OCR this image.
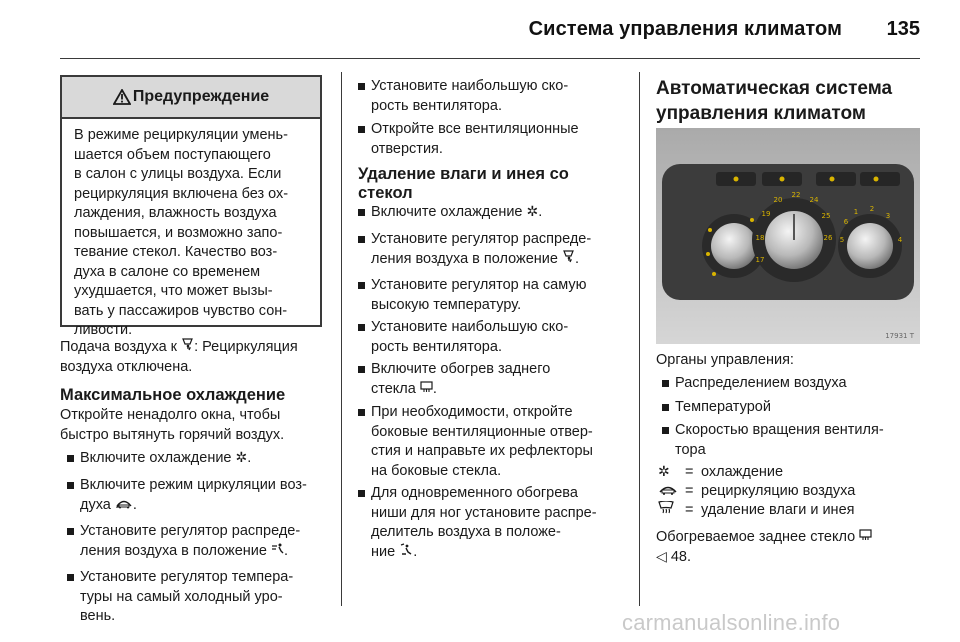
Система управления климатом 135
Предупреждение
В режиме рециркуляции умень-
шается объем поступающего
в салон с улицы воздуха. Если
рециркуляция включена без ох-
лаждения, влажность воздуха
повышается, и возможно запо-
тевание стекол. Качество воз-
духа в салоне со временем
ухудшается, что может вызы-
вать у пассажиров чувство сон-
ливости.
Подача воздуха к : Рециркуляция
воздуха отключена.
Максимальное охлаждение
Откройте ненадолго окна, чтобы
быстро вытянуть горячий воздух.
Включите охлаждение ✲.
Включите режим циркуляции воз-
духа .
Установите регулятор распреде-
ления воздуха в положение .
Установите регулятор темпера-
туры на самый холодный уро-
вень.
Установите наибольшую ско-
рость вентилятора.
Откройте все вентиляционные
отверстия.
Удаление влаги и инея со
стекол
Включите охлаждение ✲.
Установите регулятор распреде-
ления воздуха в положение .
Установите регулятор на самую
высокую температуру.
Установите наибольшую ско-
рость вентилятора.
Включите обогрев заднего
стекла .
При необходимости, откройте
боковые вентиляционные отвер-
стия и направьте их рефлекторы
на боковые стекла.
Для одновременного обогрева
ниши для ног установите распре-
делитель воздуха в положе-
ние .
Автоматическая система
управления климатом
17
18
19
20
22
24
25
26
1 2
3
4
5
6
17931 T
Органы управления:
Распределением воздуха
Температурой
Скоростью вращения вентиля-
тора
✲ = охлаждение
= рециркуляцию воздуха
= удаление влаги и инея
Обогреваемое заднее стекло
◁ 48.
carmanualsonline.info
